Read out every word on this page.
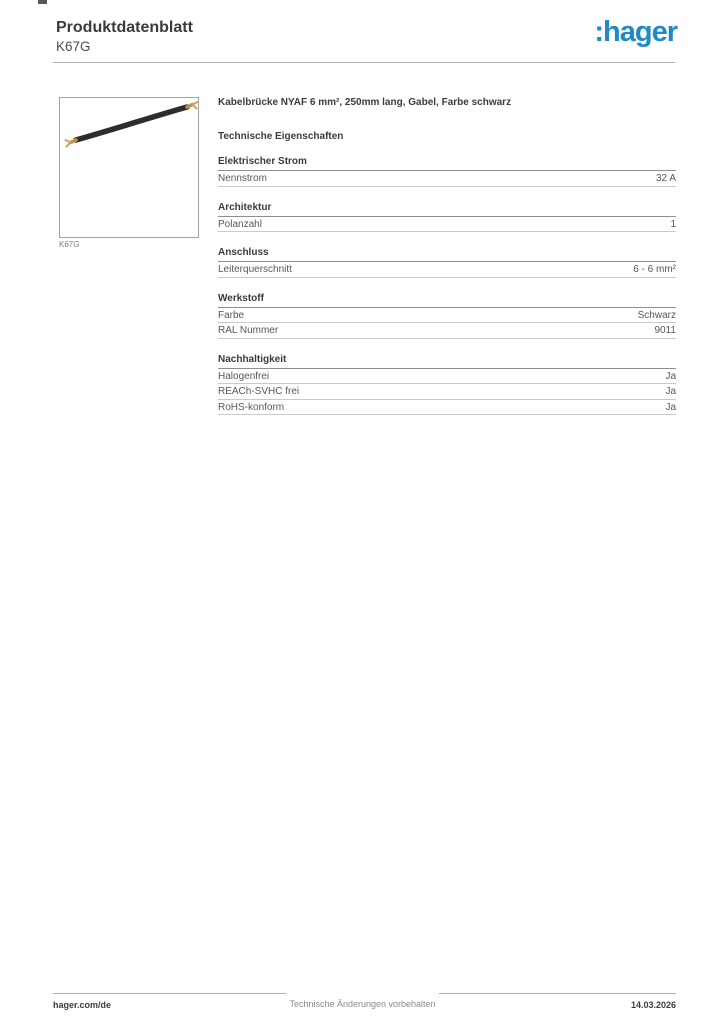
Produktdatenblatt
K67G	:hager
K67G
Kabelbrücke NYAF 6 mm², 250mm lang, Gabel, Farbe schwarz
Technische Eigenschaften
Elektrischer Strom
Nennstrom	32 A
Architektur
Polanzahl	1
Anschluss
Leiterquerschnitt	6 - 6 mm²
Werkstoff
Farbe	Schwarz
RAL Nummer	9011
Nachhaltigkeit
Halogenfrei	Ja
REACh-SVHC frei	Ja
RoHS-konform	Ja
hager.com/de	Technische Änderungen vorbehalten	14.03.2026
